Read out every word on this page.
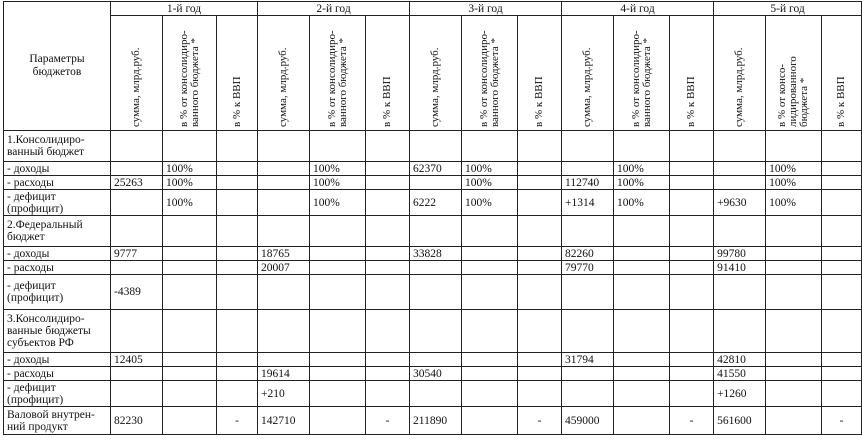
Параметры бюджетов	1-й год			2-й год			3-й год			4-й год			5-й год		

	сумма, млрд.руб.	в % от консолидиро-ванного бюджета *	в % к ВВП	сумма, млрд.руб.	в % от консолидиро-ванного бюджета *	в % к ВВП	сумма, млрд.руб.	в % от консолидиро-ванного бюджета *	в % к ВВП	сумма, млрд.руб.	в % от консолидиро-ванного бюджета *	в % к ВВП	сумма, млрд.руб.	в % от консо-лидированного бюджета *	в % к ВВП

1.Консолидиро-ванный бюджет															
- доходы		100%			100%		62370	100%			100%			100%	
- расходы	25263	100%			100%			100%		112740	100%			100%	
- дефицит (профицит)		100%			100%		6222	100%		+1314	100%		+9630	100%	
2.Федеральный бюджет															
- доходы	9777			18765			33828			82260			99780		
- расходы				20007						79770			91410		
- дефицит (профицит)	-4389														
3.Консолидиро-ванные бюджеты субъектов РФ															
- доходы	12405									31794			42810		
- расходы				19614			30540						41550		
- дефицит (профицит)				+210									+1260		
Валовой внутрен-ний продукт	82230		-	142710		-	211890		-	459000		-	561600		-
